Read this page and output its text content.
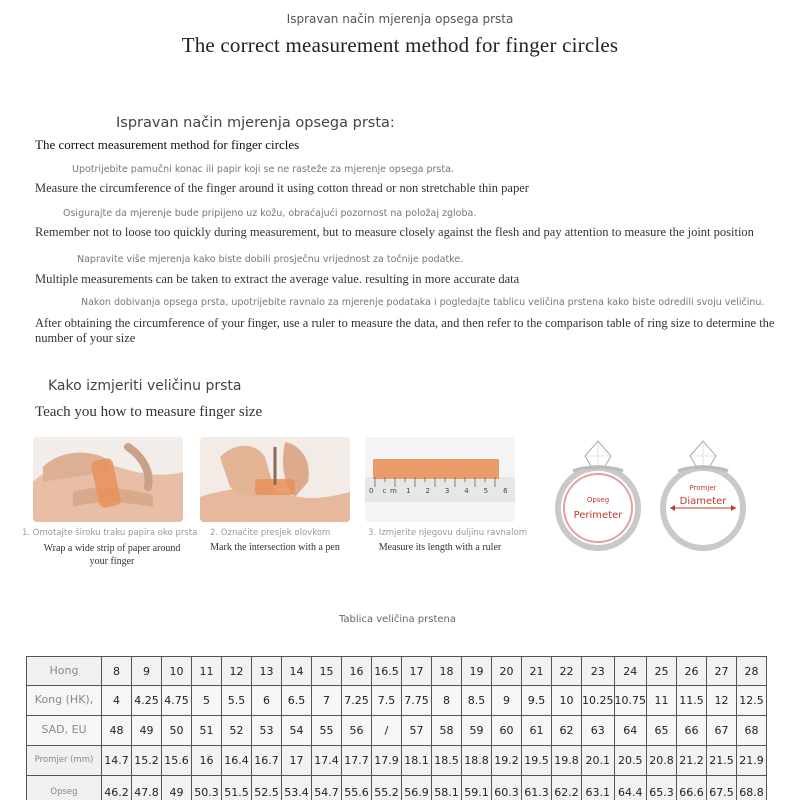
Ispravan način mjerenja opsega prsta
The correct measurement method for finger circles
Ispravan način mjerenja opsega prsta:
The correct measurement method for finger circles
Upotrijebite pamučni konac ili papir koji se ne rasteže za mjerenje opsega prsta.
Measure the circumference of the finger around it using cotton thread or non stretchable thin paper
Osigurajte da mjerenje bude pripijeno uz kožu, obraćajući pozornost na položaj zgloba.
Remember not to loose too quickly during measurement, but to measure closely against the flesh and pay attention to measure the joint position
Napravite više mjerenja kako biste dobili prosječnu vrijednost za točnije podatke.
Multiple measurements can be taken to extract the average value. resulting in more accurate data
Nakon dobivanja opsega prsta, upotrijebite ravnalo za mjerenje podataka i pogledajte tablicu veličina prstena kako biste odredili svoju veličinu.
After obtaining the circumference of your finger, use a ruler to measure the data, and then refer to the comparison table of ring size to determine the number of your size
Kako izmjeriti veličinu prsta
Teach you how to measure finger size
1. Omotajte široku traku papira oko prsta
Wrap a wide strip of paper around your finger
2. Označite presjek olovkom
Mark the intersection with a pen
0 cm 1  2  3  4  5  6
3. Izmjerite njegovu duljinu ravnalom
Measure its length with a ruler
Opseg
Perimeter
Promjer
Diameter
Tablica veličina prstena
Hong	8	9	10	11	12	13	14	15	16	16.5	17	18	19	20	21	22	23	24	25	26	27	28
Kong (HK),	4	4.25	4.75	5	5.5	6	6.5	7	7.25	7.5	7.75	8	8.5	9	9.5	10	10.25	10.75	11	11.5	12	12.5
SAD, EU	48	49	50	51	52	53	54	55	56	/	57	58	59	60	61	62	63	64	65	66	67	68
Promjer (mm)	14.7	15.2	15.6	16	16.4	16.7	17	17.4	17.7	17.9	18.1	18.5	18.8	19.2	19.5	19.8	20.1	20.5	20.8	21.2	21.5	21.9
Opseg	46.2	47.8	49	50.3	51.5	52.5	53.4	54.7	55.6	55.2	56.9	58.1	59.1	60.3	61.3	62.2	63.1	64.4	65.3	66.6	67.5	68.8
